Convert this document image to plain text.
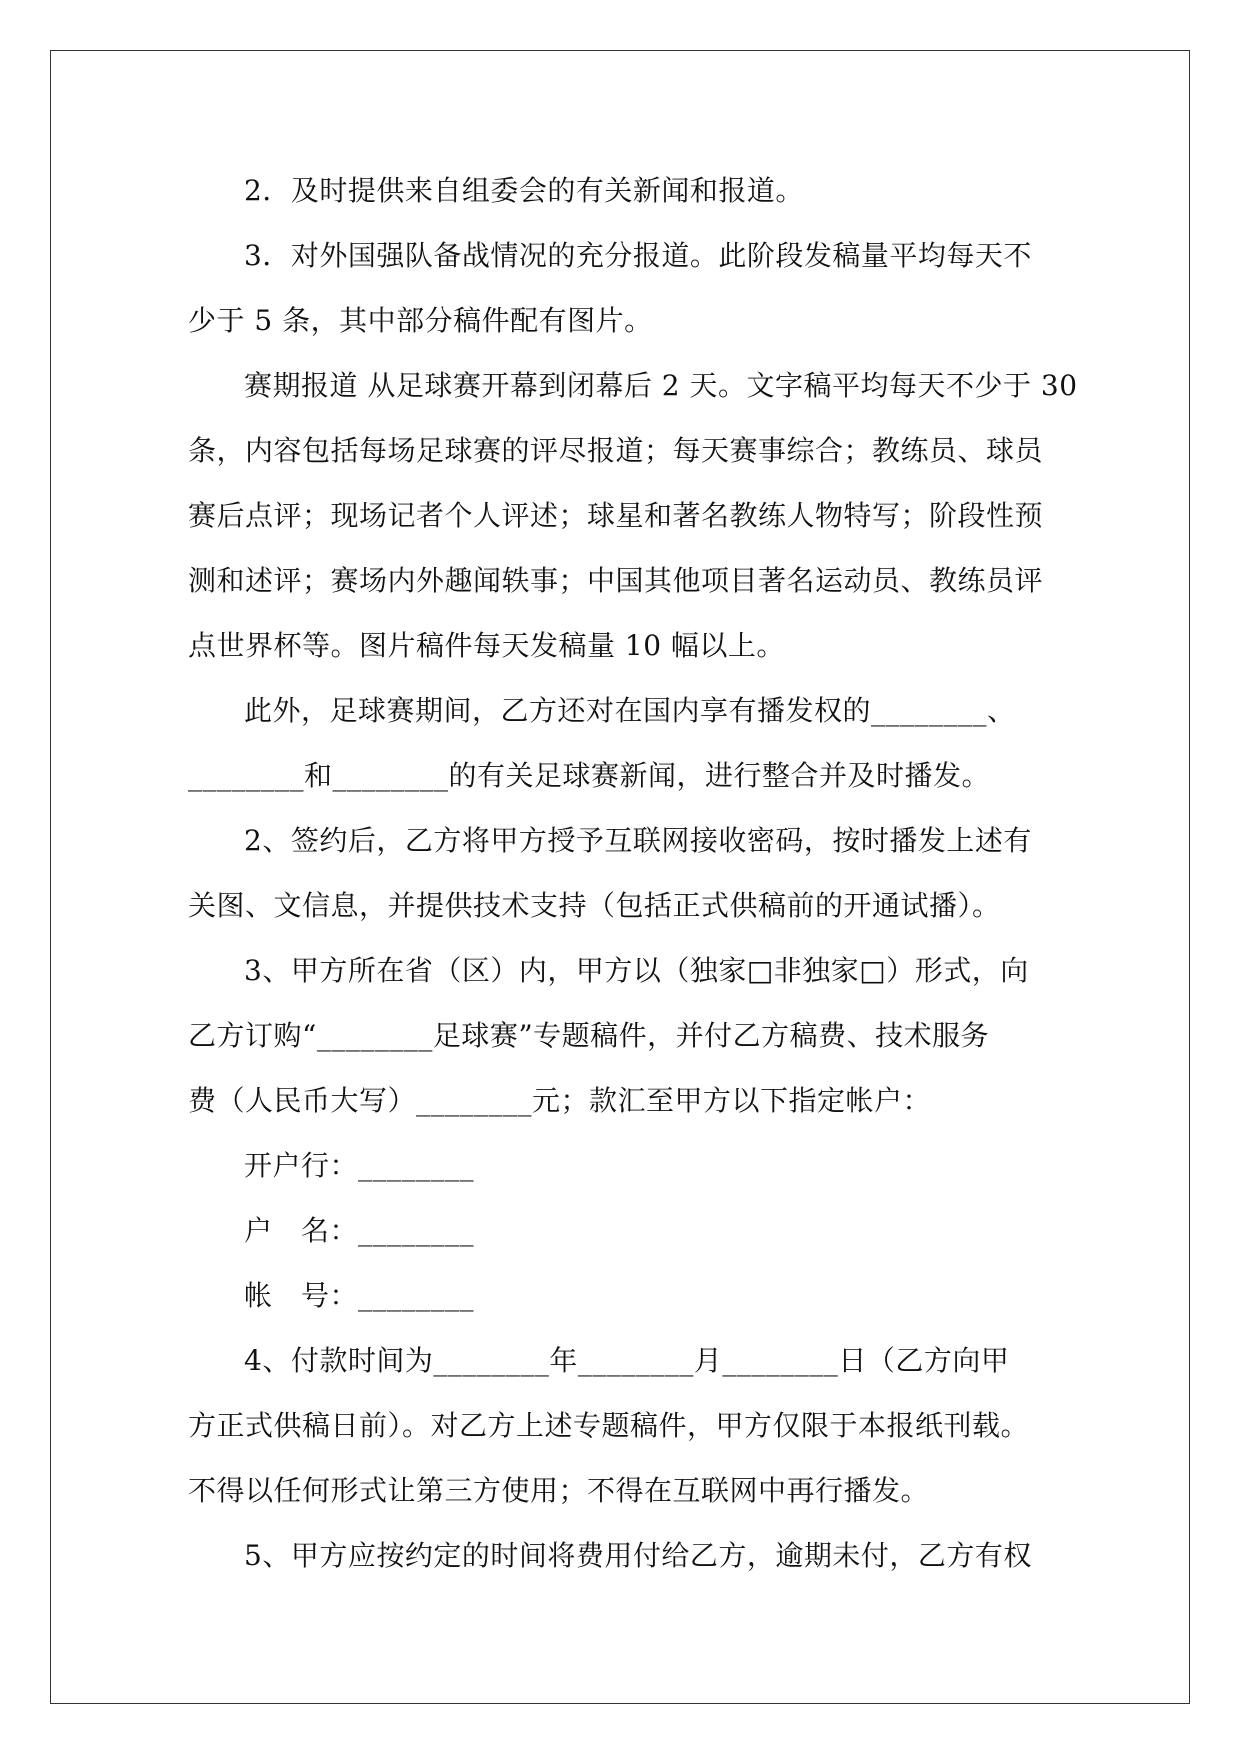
2．及时提供来自组委会的有关新闻和报道。

3．对外国强队备战情况的充分报道。此阶段发稿量平均每天不

少于 5 条，其中部分稿件配有图片。

赛期报道 从足球赛开幕到闭幕后 2 天。文字稿平均每天不少于 30

条，内容包括每场足球赛的评尽报道；每天赛事综合；教练员、球员

赛后点评；现场记者个人评述；球星和著名教练人物特写；阶段性预

测和述评；赛场内外趣闻轶事；中国其他项目著名运动员、教练员评

点世界杯等。图片稿件每天发稿量 10 幅以上。

此外，足球赛期间，乙方还对在国内享有播发权的________、

________和________的有关足球赛新闻，进行整合并及时播发。

2、签约后，乙方将甲方授予互联网接收密码，按时播发上述有

关图、文信息，并提供技术支持（包括正式供稿前的开通试播）。

3、甲方所在省（区）内，甲方以（独家□非独家□）形式，向

乙方订购“________足球赛”专题稿件，并付乙方稿费、技术服务

费（人民币大写）________元；款汇至甲方以下指定帐户：

开户行：________

户　名：________

帐　号：________

4、付款时间为________年________月________日（乙方向甲

方正式供稿日前）。对乙方上述专题稿件，甲方仅限于本报纸刊载。

不得以任何形式让第三方使用；不得在互联网中再行播发。

5、甲方应按约定的时间将费用付给乙方，逾期未付，乙方有权
